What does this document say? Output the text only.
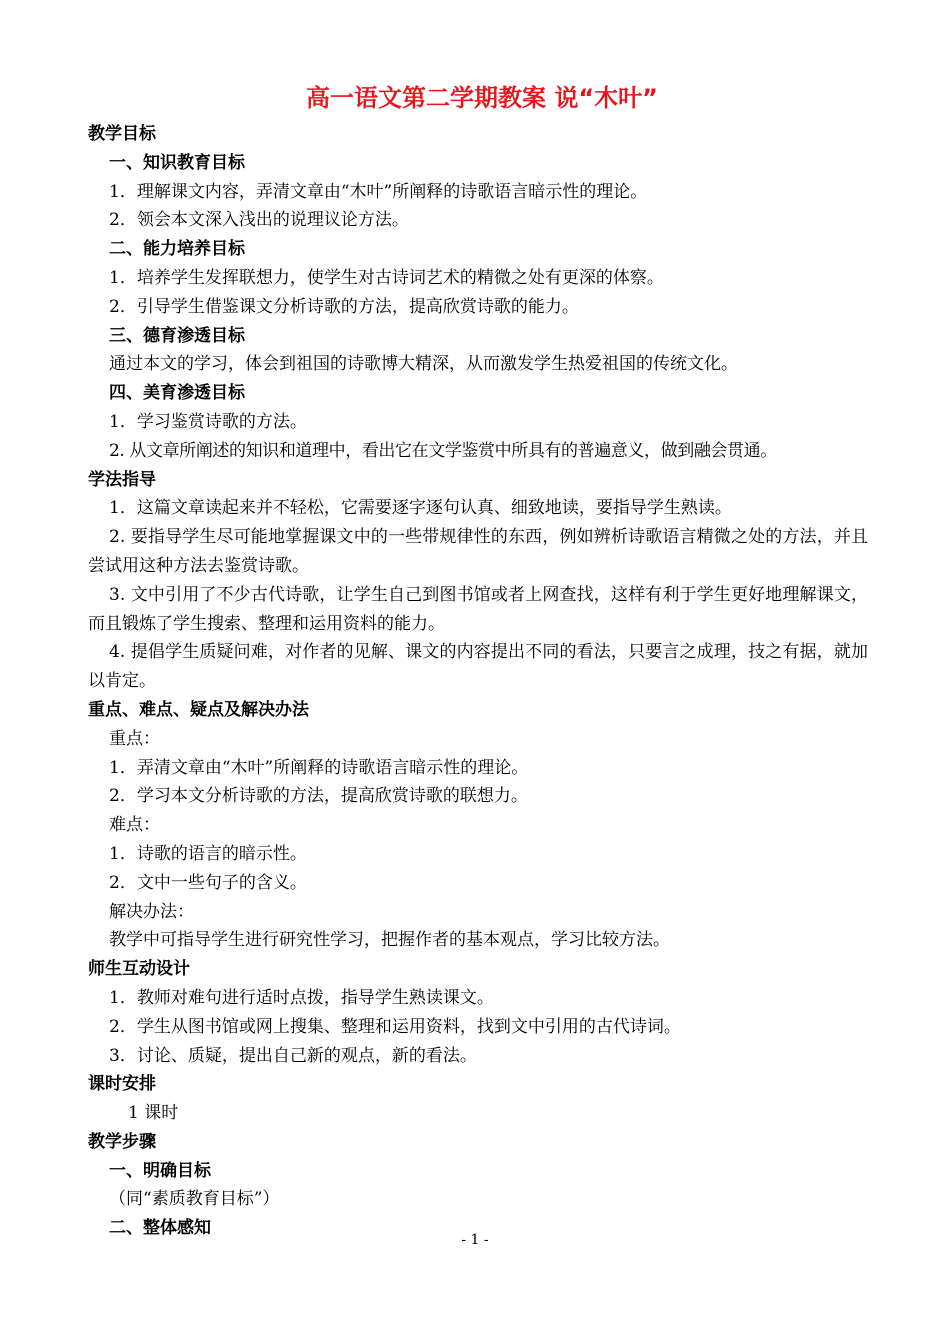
高一语文第二学期教案 说“木叶”
教学目标
一、知识教育目标
1．理解课文内容，弄清文章由“木叶”所阐释的诗歌语言暗示性的理论。
2．领会本文深入浅出的说理议论方法。
二、能力培养目标
1．培养学生发挥联想力，使学生对古诗词艺术的精微之处有更深的体察。
2．引导学生借鉴课文分析诗歌的方法，提高欣赏诗歌的能力。
三、德育渗透目标
通过本文的学习，体会到祖国的诗歌博大精深，从而激发学生热爱祖国的传统文化。
四、美育渗透目标
1．学习鉴赏诗歌的方法。
2. 从文章所阐述的知识和道理中，看出它在文学鉴赏中所具有的普遍意义，做到融会贯通。
学法指导
1．这篇文章读起来并不轻松，它需要逐字逐句认真、细致地读，要指导学生熟读。
2. 要指导学生尽可能地掌握课文中的一些带规律性的东西，例如辨析诗歌语言精微之处的方法，并且尝试用这种方法去鉴赏诗歌。
3. 文中引用了不少古代诗歌，让学生自己到图书馆或者上网查找，这样有利于学生更好地理解课文，而且锻炼了学生搜索、整理和运用资料的能力。
4. 提倡学生质疑问难，对作者的见解、课文的内容提出不同的看法，只要言之成理，技之有据，就加以肯定。
重点、难点、疑点及解决办法
重点：
1．弄清文章由“木叶”所阐释的诗歌语言暗示性的理论。
2．学习本文分析诗歌的方法，提高欣赏诗歌的联想力。
难点：
1．诗歌的语言的暗示性。
2．文中一些句子的含义。
解决办法：
教学中可指导学生进行研究性学习，把握作者的基本观点，学习比较方法。
师生互动设计
1．教师对难句进行适时点拨，指导学生熟读课文。
2．学生从图书馆或网上搜集、整理和运用资料，找到文中引用的古代诗词。
3．讨论、质疑，提出自己新的观点，新的看法。
课时安排
1 课时
教学步骤
一、明确目标
（同“素质教育目标”）
二、整体感知
- 1 -
